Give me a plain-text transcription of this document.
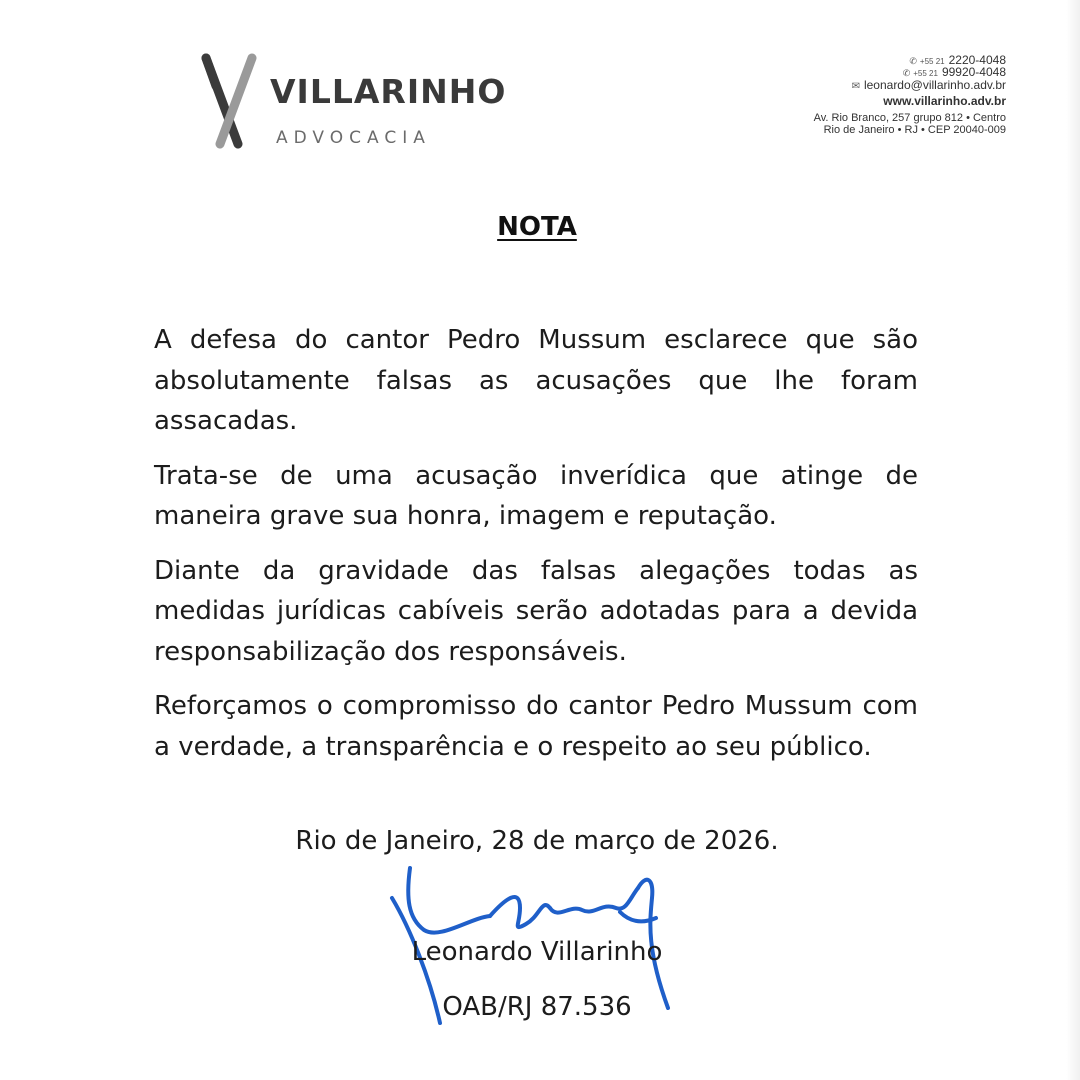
VILLARINHO
ADVOCACIA
✆ +55 21 2220-4048
✆ +55 21 99920-4048
✉ leonardo@villarinho.adv.br
www.villarinho.adv.br
Av. Rio Branco, 257 grupo 812 • Centro
Rio de Janeiro • RJ • CEP 20040-009
NOTA

A defesa do cantor Pedro Mussum esclarece que são absolutamente falsas as acusações que lhe foram assacadas.

Trata-se de uma acusação inverídica que atinge de maneira grave sua honra, imagem e reputação.

Diante da gravidade das falsas alegações todas as medidas jurídicas cabíveis serão adotadas para a devida responsabilização dos responsáveis.

Reforçamos o compromisso do cantor Pedro Mussum com a verdade, a transparência e o respeito ao seu público.

Rio de Janeiro, 28 de março de 2026.
Leonardo Villarinho
OAB/RJ 87.536
